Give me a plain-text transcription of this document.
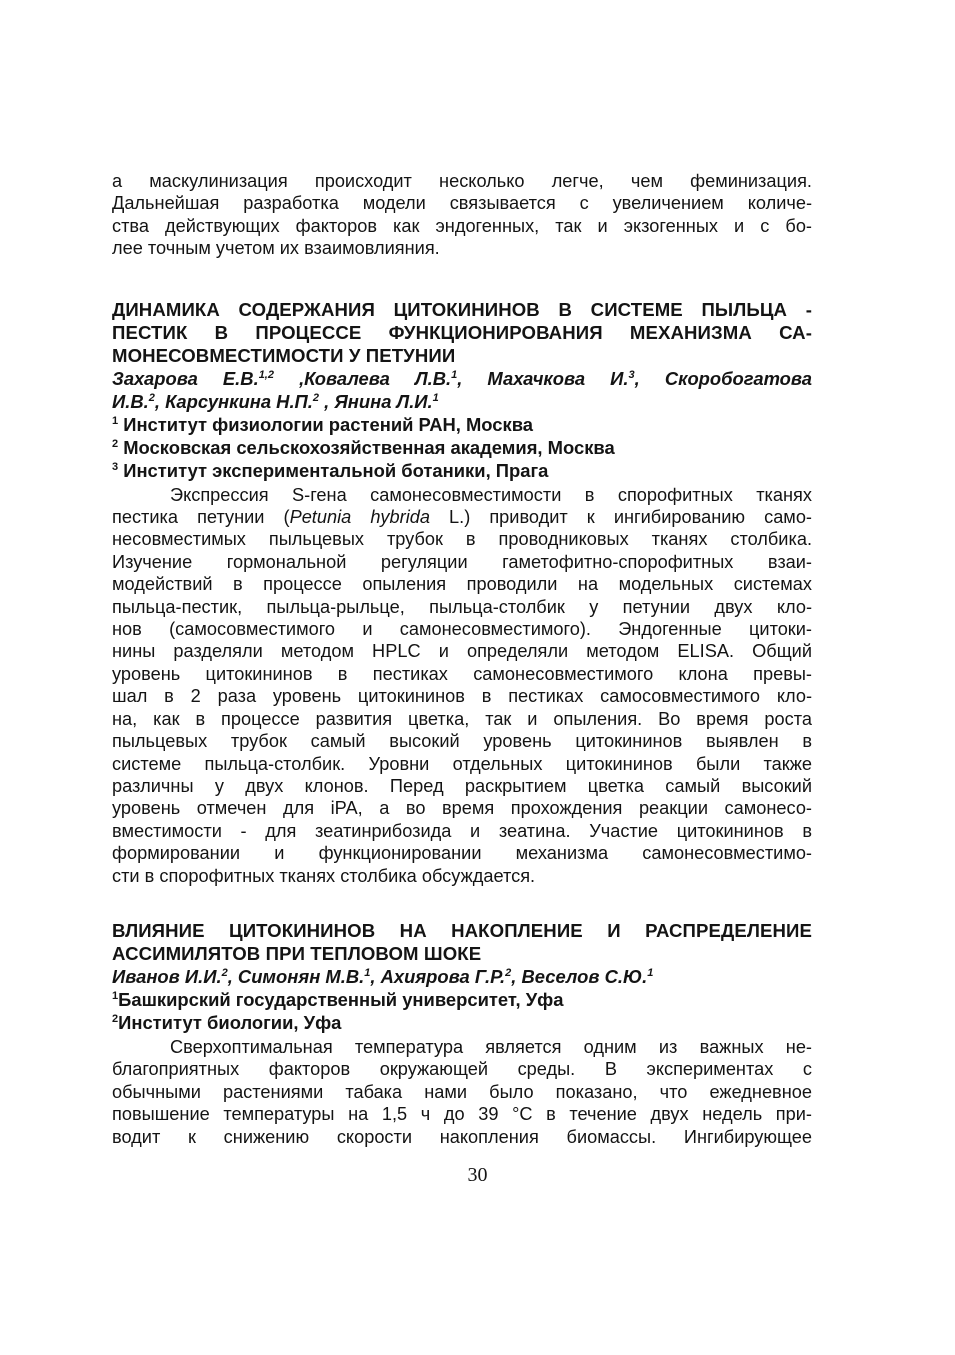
а маскулинизация происходит несколько легче, чем феминизация.

Дальнейшая разработка модели связывается с увеличением количе-

ства действующих факторов как эндогенных, так и экзогенных и с бо-

лее точным учетом их взаимовлияния.

ДИНАМИКА СОДЕРЖАНИЯ ЦИТОКИНИНОВ В СИСТЕМЕ ПЫЛЬЦА -

ПЕСТИК В ПРОЦЕССЕ ФУНКЦИОНИРОВАНИЯ МЕХАНИЗМА СА-

МОНЕСОВМЕСТИМОСТИ У ПЕТУНИИ

Захарова Е.В.$^{1,2}$ ,Ковалева Л.В.$^1$, Махачкова И.$^3$, Скоробогатова

И.В.$^2$, Карсункина Н.П.$^2$ , Янина Л.И.$^1$

$^1$ Институт физиологии растений РАН, Москва

$^2$ Московская сельскохозяйственная академия, Москва

$^3$ Институт экспериментальной ботаники, Прага

Экспрессия S-гена самонесовместимости в спорофитных тканях

пестика петунии (Petunia hybrida L.) приводит к ингибированию само-

несовместимых пыльцевых трубок в проводниковых тканях столбика.

Изучение гормональной регуляции гаметофитно-спорофитных взаи-

модействий в процессе опыления проводили на модельных системах

пыльца-пестик, пыльца-рыльце, пыльца-столбик у петунии двух кло-

нов (самосовместимого и самонесовместимого). Эндогенные цитоки-

нины разделяли методом HPLC и определяли методом ELISA. Общий

уровень цитокининов в пестиках самонесовместимого клона превы-

шал в 2 раза уровень цитокининов в пестиках самосовместимого кло-

на, как в процессе развития цветка, так и опыления. Во время роста

пыльцевых трубок самый высокий уровень цитокининов выявлен в

системе пыльца-столбик. Уровни отдельных цитокининов были также

различны у двух клонов. Перед раскрытием цветка самый высокий

уровень отмечен для iPA, а во время прохождения реакции самонесо-

вместимости - для зеатинрибозида и зеатина. Участие цитокининов в

формировании и функционировании механизма самонесовместимо-

сти в спорофитных тканях столбика обсуждается.

ВЛИЯНИЕ ЦИТОКИНИНОВ НА НАКОПЛЕНИЕ И РАСПРЕДЕЛЕНИЕ

АССИМИЛЯТОВ ПРИ ТЕПЛОВОМ ШОКЕ

Иванов И.И.$^2$, Симонян М.В.$^1$, Ахиярова Г.Р.$^2$, Веселов С.Ю.$^1$

$^1$Башкирский государственный университет, Уфа

$^2$Институт биологии, Уфа

Сверхоптимальная температура является одним из важных не-

благоприятных факторов окружающей среды. В экспериментах с

обычными растениями табака нами было показано, что ежедневное

повышение температуры на 1,5 ч до 39 °С в течение двух недель при-

водит к снижению скорости накопления биомассы. Ингибирующее

30
